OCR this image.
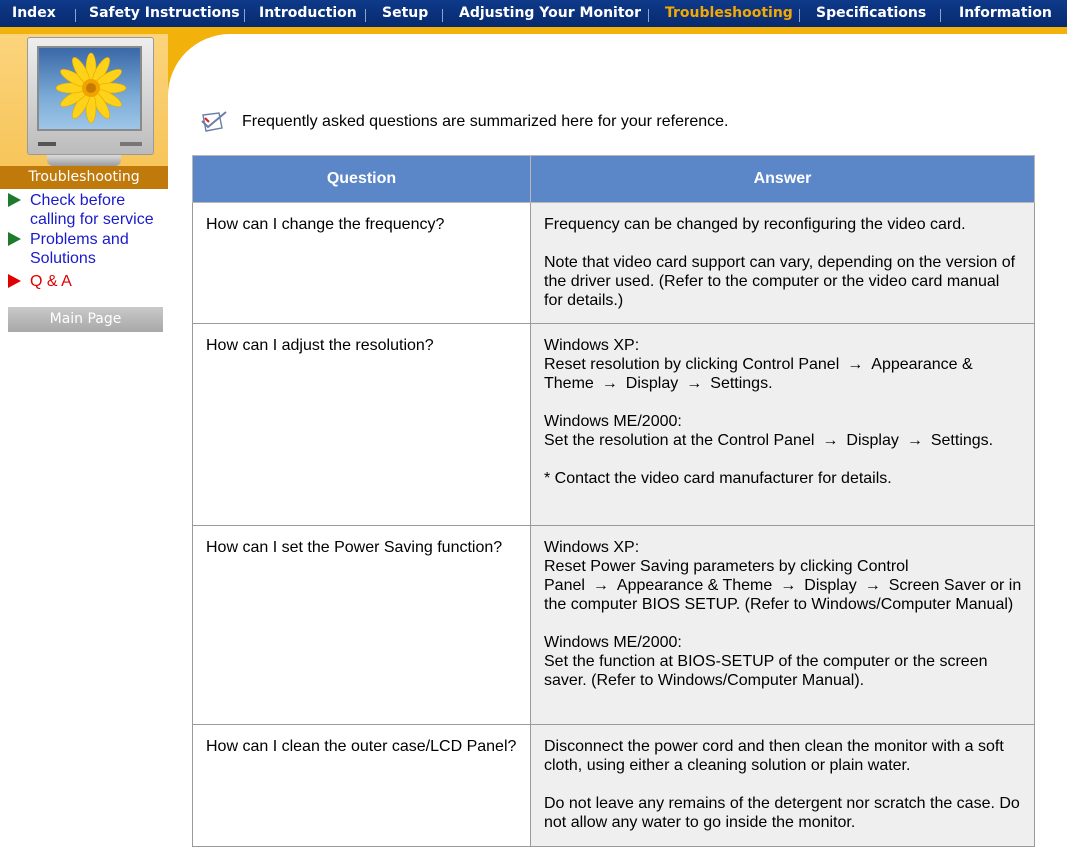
Index Safety Instructions Introduction Setup Adjusting Your Monitor Troubleshooting Specifications Information
Troubleshooting
Check before
calling for service
Problems and
Solutions
Q & A
Main Page
Frequently asked questions are summarized here for your reference.
Question	Answer
How can I change the frequency?	Frequency can be changed by reconfiguring the video card.

Note that video card support can vary, depending on the version of the driver used. (Refer to the computer or the video card manual for details.)

How can I adjust the resolution?	Windows XP:
Reset resolution by clicking Control Panel → Appearance & Theme → Display → Settings.

Windows ME/2000:
Set the resolution at the Control Panel → Display → Settings.

* Contact the video card manufacturer for details.

How can I set the Power Saving function?	Windows XP:
Reset Power Saving parameters by clicking Control Panel → Appearance & Theme → Display → Screen Saver or in the computer BIOS SETUP. (Refer to Windows/Computer Manual)

Windows ME/2000:
Set the function at BIOS-SETUP of the computer or the screen saver. (Refer to Windows/Computer Manual).

How can I clean the outer case/LCD Panel?	Disconnect the power cord and then clean the monitor with a soft cloth, using either a cleaning solution or plain water.

Do not leave any remains of the detergent nor scratch the case. Do not allow any water to go inside the monitor.
